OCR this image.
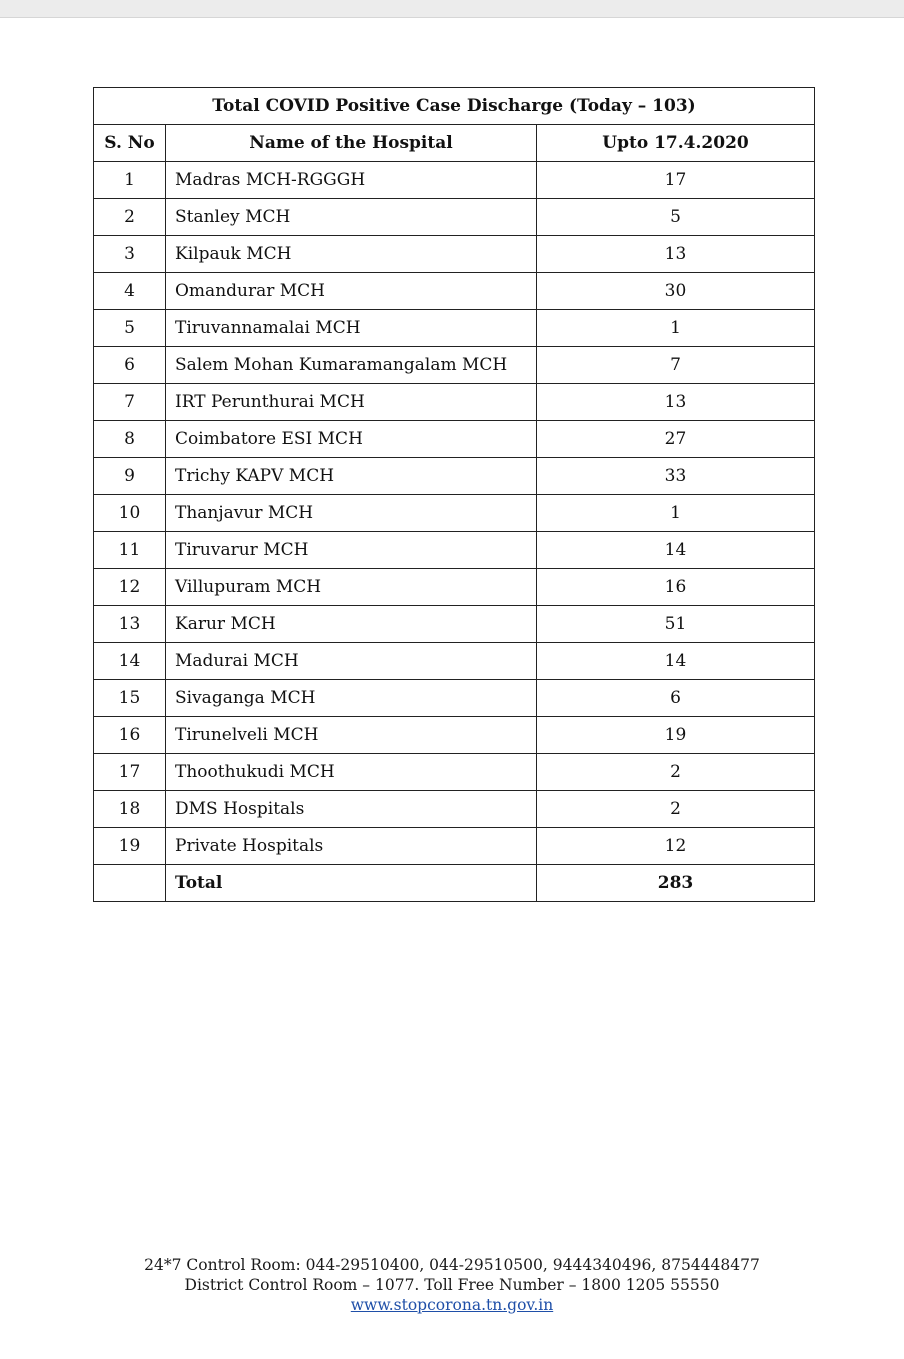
Total COVID Positive Case Discharge (Today – 103)		
S. No	Name of the Hospital	Upto 17.4.2020
1	Madras MCH-RGGGH	17
2	Stanley MCH	5
3	Kilpauk MCH	13
4	Omandurar MCH	30
5	Tiruvannamalai MCH	1
6	Salem Mohan Kumaramangalam MCH	7
7	IRT Perunthurai MCH	13
8	Coimbatore ESI MCH	27
9	Trichy KAPV MCH	33
10	Thanjavur MCH	1
11	Tiruvarur MCH	14
12	Villupuram MCH	16
13	Karur MCH	51
14	Madurai MCH	14
15	Sivaganga MCH	6
16	Tirunelveli MCH	19
17	Thoothukudi MCH	2
18	DMS Hospitals	2
19	Private Hospitals	12
	Total	283
24*7 Control Room: 044-29510400, 044-29510500, 9444340496, 8754448477
District Control Room – 1077. Toll Free Number – 1800 1205 55550
www.stopcorona.tn.gov.in
